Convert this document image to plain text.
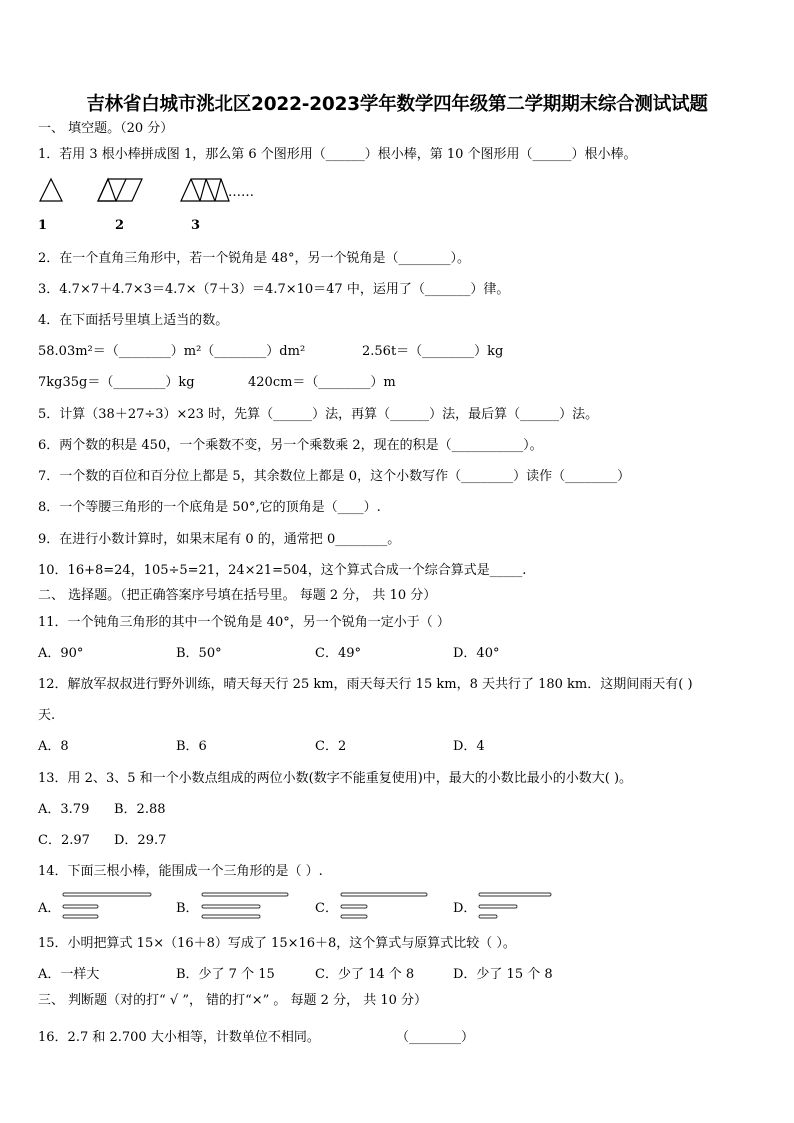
吉林省白城市洮北区2022-2023学年数学四年级第二学期期末综合测试试题
一、 填空题。（20 分）
1．若用 3 根小棒拼成图 1，那么第 6 个图形用（______）根小棒，第 10 个图形用（______）根小棒。
……
1	2	3
2．在一个直角三角形中，若一个锐角是 48°，另一个锐角是（________）。
3．4.7×7＋4.7×3＝4.7×（7＋3）＝4.7×10＝47 中，运用了（_______）律。
4．在下面括号里填上适当的数。
58.03m²＝（________）m²（________）dm²	2.56t＝（________）kg
7kg35g＝（________）kg	420cm＝（________）m
5．计算（38＋27÷3）×23 时，先算（______）法，再算（______）法，最后算（______）法。
6．两个数的积是 450，一个乘数不变，另一个乘数乘 2，现在的积是（___________）。
7．一个数的百位和百分位上都是 5，其余数位上都是 0，这个小数写作（________）读作（________）
8．一个等腰三角形的一个底角是 50°,它的顶角是（____）.
9．在进行小数计算时，如果末尾有 0 的，通常把 0________。
10．16+8=24，105÷5=21，24×21=504，这个算式合成一个综合算式是_____.
二、 选择题。（把正确答案序号填在括号里。 每题 2 分， 共 10 分）
11．一个钝角三角形的其中一个锐角是 40°，另一个锐角一定小于（ ）
A．90°	B．50°	C．49°	D．40°
12．解放军叔叔进行野外训练，晴天每天行 25 km，雨天每天行 15 km，8 天共行了 180 km．这期间雨天有( )
天.
A．8	B．6	C．2	D．4
13．用 2、3、5 和一个小数点组成的两位小数(数字不能重复使用)中，最大的小数比最小的小数大( )。
A．3.79 B．2.88
C．2.97 D．29.7
14．下面三根小棒，能围成一个三角形的是（ ）.
A．	B．	C．	D．
15．小明把算式 15×（16＋8）写成了 15×16＋8，这个算式与原算式比较（ ）。
A．一样大	B．少了 7 个 15	C．少了 14 个 8	D．少了 15 个 8
三、 判断题（对的打“ √ ”， 错的打“×” 。 每题 2 分， 共 10 分）
16．2.7 和 2.700 大小相等，计数单位不相同。	（________）
